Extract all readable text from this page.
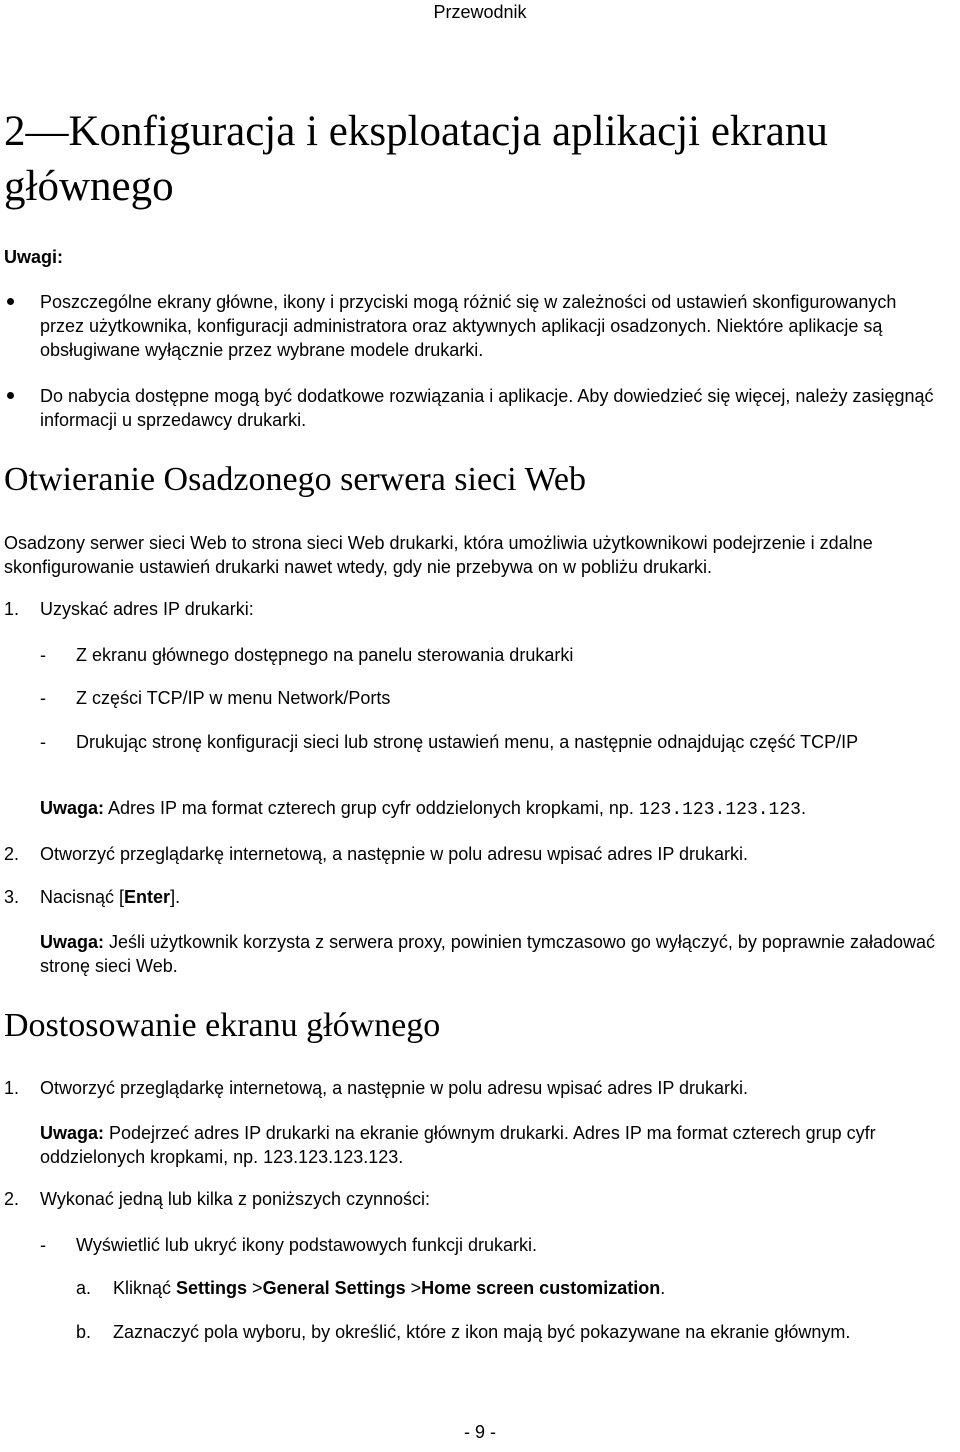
Przewodnik
2—Konfiguracja i eksploatacja aplikacji ekranu głównego
Uwagi:
Poszczególne ekrany główne, ikony i przyciski mogą różnić się w zależności od ustawień skonfigurowanych przez użytkownika, konfiguracji administratora oraz aktywnych aplikacji osadzonych. Niektóre aplikacje są obsługiwane wyłącznie przez wybrane modele drukarki.
Do nabycia dostępne mogą być dodatkowe rozwiązania i aplikacje. Aby dowiedzieć się więcej, należy zasięgnąć informacji u sprzedawcy drukarki.
Otwieranie Osadzonego serwera sieci Web
Osadzony serwer sieci Web to strona sieci Web drukarki, która umożliwia użytkownikowi podejrzenie i zdalne skonfigurowanie ustawień drukarki nawet wtedy, gdy nie przebywa on w pobliżu drukarki.
1. Uzyskać adres IP drukarki:
- Z ekranu głównego dostępnego na panelu sterowania drukarki
- Z części TCP/IP w menu Network/Ports
- Drukując stronę konfiguracji sieci lub stronę ustawień menu, a następnie odnajdując część TCP/IP
Uwaga: Adres IP ma format czterech grup cyfr oddzielonych kropkami, np. 123.123.123.123.
2. Otworzyć przeglądarkę internetową, a następnie w polu adresu wpisać adres IP drukarki.
3. Nacisnąć [Enter].
Uwaga: Jeśli użytkownik korzysta z serwera proxy, powinien tymczasowo go wyłączyć, by poprawnie załadować stronę sieci Web.
Dostosowanie ekranu głównego
1. Otworzyć przeglądarkę internetową, a następnie w polu adresu wpisać adres IP drukarki.
Uwaga: Podejrzeć adres IP drukarki na ekranie głównym drukarki. Adres IP ma format czterech grup cyfr oddzielonych kropkami, np. 123.123.123.123.
2. Wykonać jedną lub kilka z poniższych czynności:
- Wyświetlić lub ukryć ikony podstawowych funkcji drukarki.
a. Kliknąć Settings >General Settings >Home screen customization.
b. Zaznaczyć pola wyboru, by określić, które z ikon mają być pokazywane na ekranie głównym.
- 9 -
